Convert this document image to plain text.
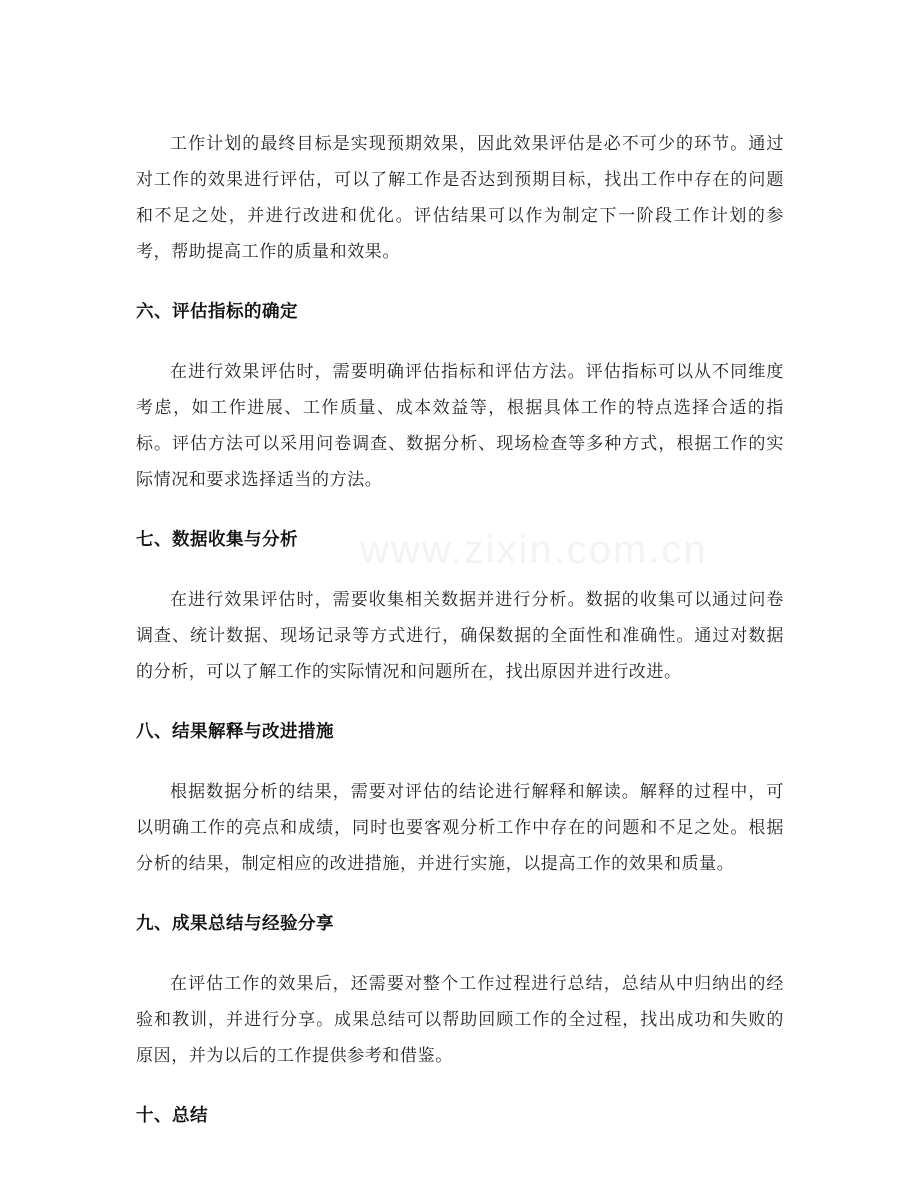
www.zixin.com.cn

工作计划的最终目标是实现预期效果，因此效果评估是必不可少的环节。通过对工作的效果进行评估，可以了解工作是否达到预期目标，找出工作中存在的问题和不足之处，并进行改进和优化。评估结果可以作为制定下一阶段工作计划的参考，帮助提高工作的质量和效果。

六、评估指标的确定

在进行效果评估时，需要明确评估指标和评估方法。评估指标可以从不同维度考虑，如工作进展、工作质量、成本效益等，根据具体工作的特点选择合适的指标。评估方法可以采用问卷调查、数据分析、现场检查等多种方式，根据工作的实际情况和要求选择适当的方法。

七、数据收集与分析

在进行效果评估时，需要收集相关数据并进行分析。数据的收集可以通过问卷调查、统计数据、现场记录等方式进行，确保数据的全面性和准确性。通过对数据的分析，可以了解工作的实际情况和问题所在，找出原因并进行改进。

八、结果解释与改进措施

根据数据分析的结果，需要对评估的结论进行解释和解读。解释的过程中，可以明确工作的亮点和成绩，同时也要客观分析工作中存在的问题和不足之处。根据分析的结果，制定相应的改进措施，并进行实施，以提高工作的效果和质量。

九、成果总结与经验分享

在评估工作的效果后，还需要对整个工作过程进行总结，总结从中归纳出的经验和教训，并进行分享。成果总结可以帮助回顾工作的全过程，找出成功和失败的原因，并为以后的工作提供参考和借鉴。

十、总结
